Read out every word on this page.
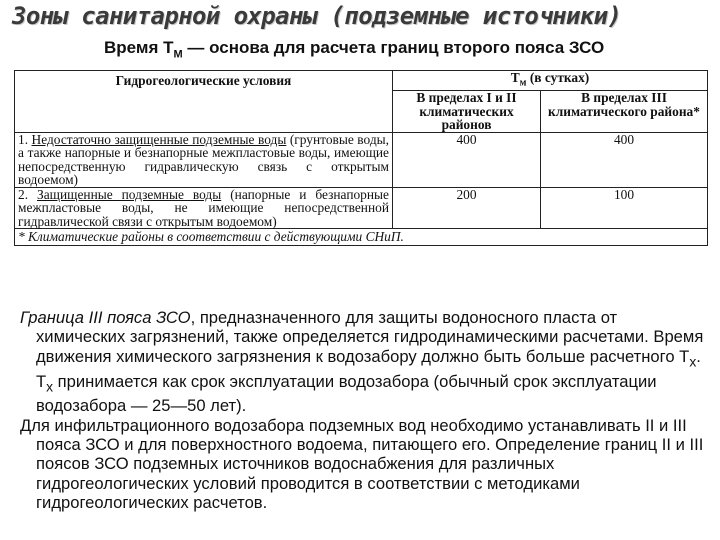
Зоны санитарной охраны (подземные источники)
Время $Т_М$ — основа для расчета границ второго пояса ЗСО
Гидрогеологические условия	$Т_м$ (в сутках)	
	В пределах I и II климатических районов	В пределах III климатического района*
1. Недостаточно защищенные подземные воды (грунтовые воды, а также напорные и безнапорные межпластовые воды, имеющие непосредственную гидравлическую связь с открытым водоемом)	400	400
2. Защищенные подземные воды (напорные и безнапорные межпластовые воды, не имеющие непосредственной гидравлической связи с открытым водоемом)	200	100
* Климатические районы в соответствии с действующими СНиП.		

Граница III пояса ЗСО, предназначенного для защиты водоносного пласта от химических загрязнений, также определяется гидродинамическими расчетами. Время движения химического загрязнения к водозабору должно быть больше расчетного $Т_х$. $Т_х$ принимается как срок эксплуатации водозабора (обычный срок эксплуатации водозабора — 25—50 лет).

Для инфильтрационного водозабора подземных вод необходимо устанавливать II и III пояса ЗСО и для поверхностного водоема, питающего его. Определение границ II и III поясов ЗСО подземных источников водоснабжения для различных гидрогеологических условий проводится в соответствии с методиками гидрогеологических расчетов.
